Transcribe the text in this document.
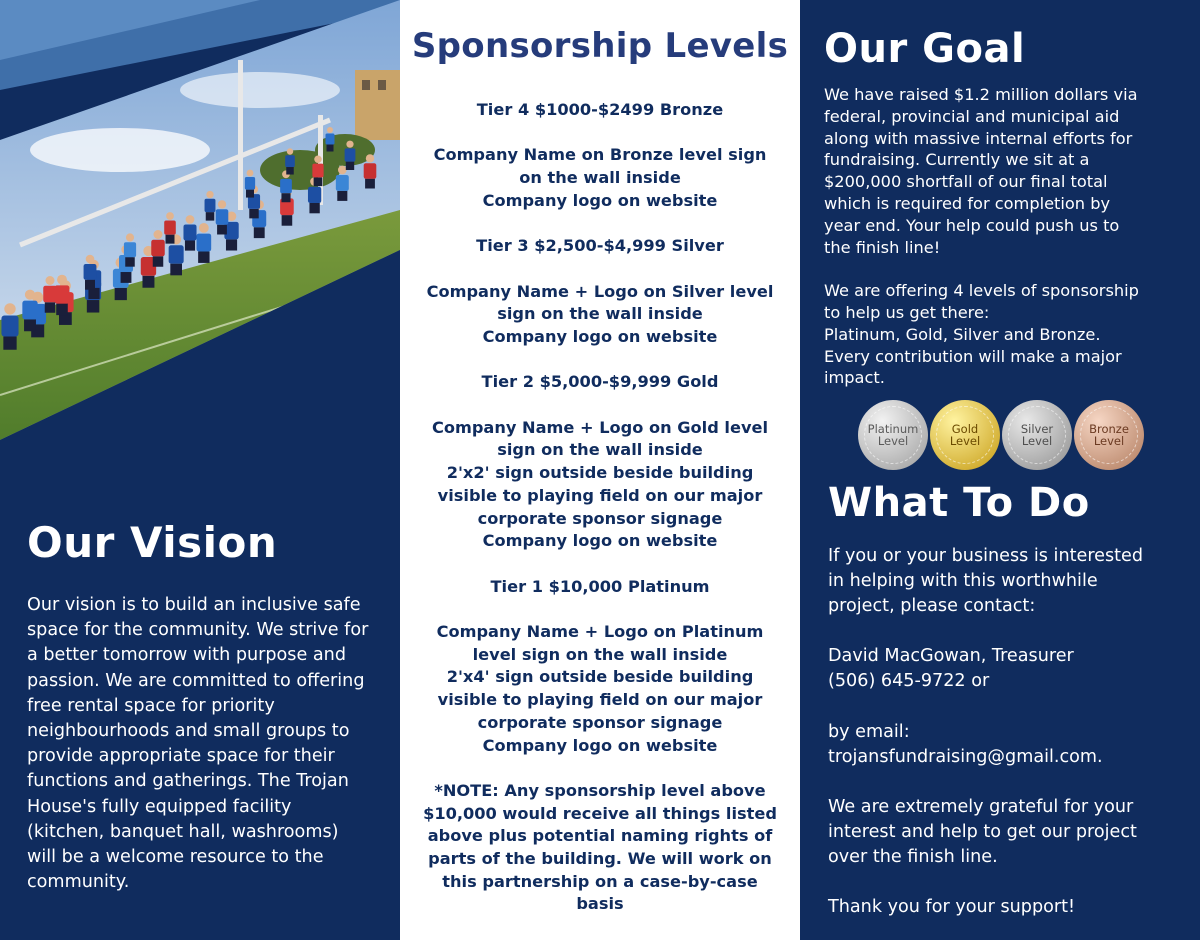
Our Vision
Our vision is to build an inclusive safe space for the community. We strive for a better tomorrow with purpose and passion. We are committed to offering free rental space for priority neighbourhoods and small groups to provide appropriate space for their functions and gatherings. The Trojan House's fully equipped facility (kitchen, banquet hall, washrooms) will be a welcome resource to the community.
Sponsorship Levels
Tier 4 $1000-$2499 Bronze
Company Name on Bronze level sign
on the wall inside
Company logo on website
Tier 3 $2,500-$4,999 Silver
Company Name + Logo on Silver level
sign on the wall inside
Company logo on website
Tier 2 $5,000-$9,999 Gold
Company Name + Logo on Gold level
sign on the wall inside
2'x2' sign outside beside building
visible to playing field on our major
corporate sponsor signage
Company logo on website
Tier 1 $10,000 Platinum
Company Name + Logo on Platinum
level sign on the wall inside
2'x4' sign outside beside building
visible to playing field on our major
corporate sponsor signage
Company logo on website
*NOTE: Any sponsorship level above
$10,000 would receive all things listed
above plus potential naming rights of
parts of the building. We will work on
this partnership on a case-by-case
basis
Our Goal
We have raised $1.2 million dollars via
federal, provincial and municipal aid
along with massive internal efforts for
fundraising. Currently we sit at a
$200,000 shortfall of our final total
which is required for completion by
year end. Your help could push us to
the finish line!
We are offering 4 levels of sponsorship
to help us get there:
Platinum, Gold, Silver and Bronze.
Every contribution will make a major
impact.
Platinum
Level
Gold
Level
Silver
Level
Bronze
Level
What To Do
If you or your business is interested
in helping with this worthwhile
project, please contact:
David MacGowan, Treasurer
(506) 645-9722 or
by email:
trojansfundraising@gmail.com.
We are extremely grateful for your
interest and help to get our project
over the finish line.
Thank you for your support!
